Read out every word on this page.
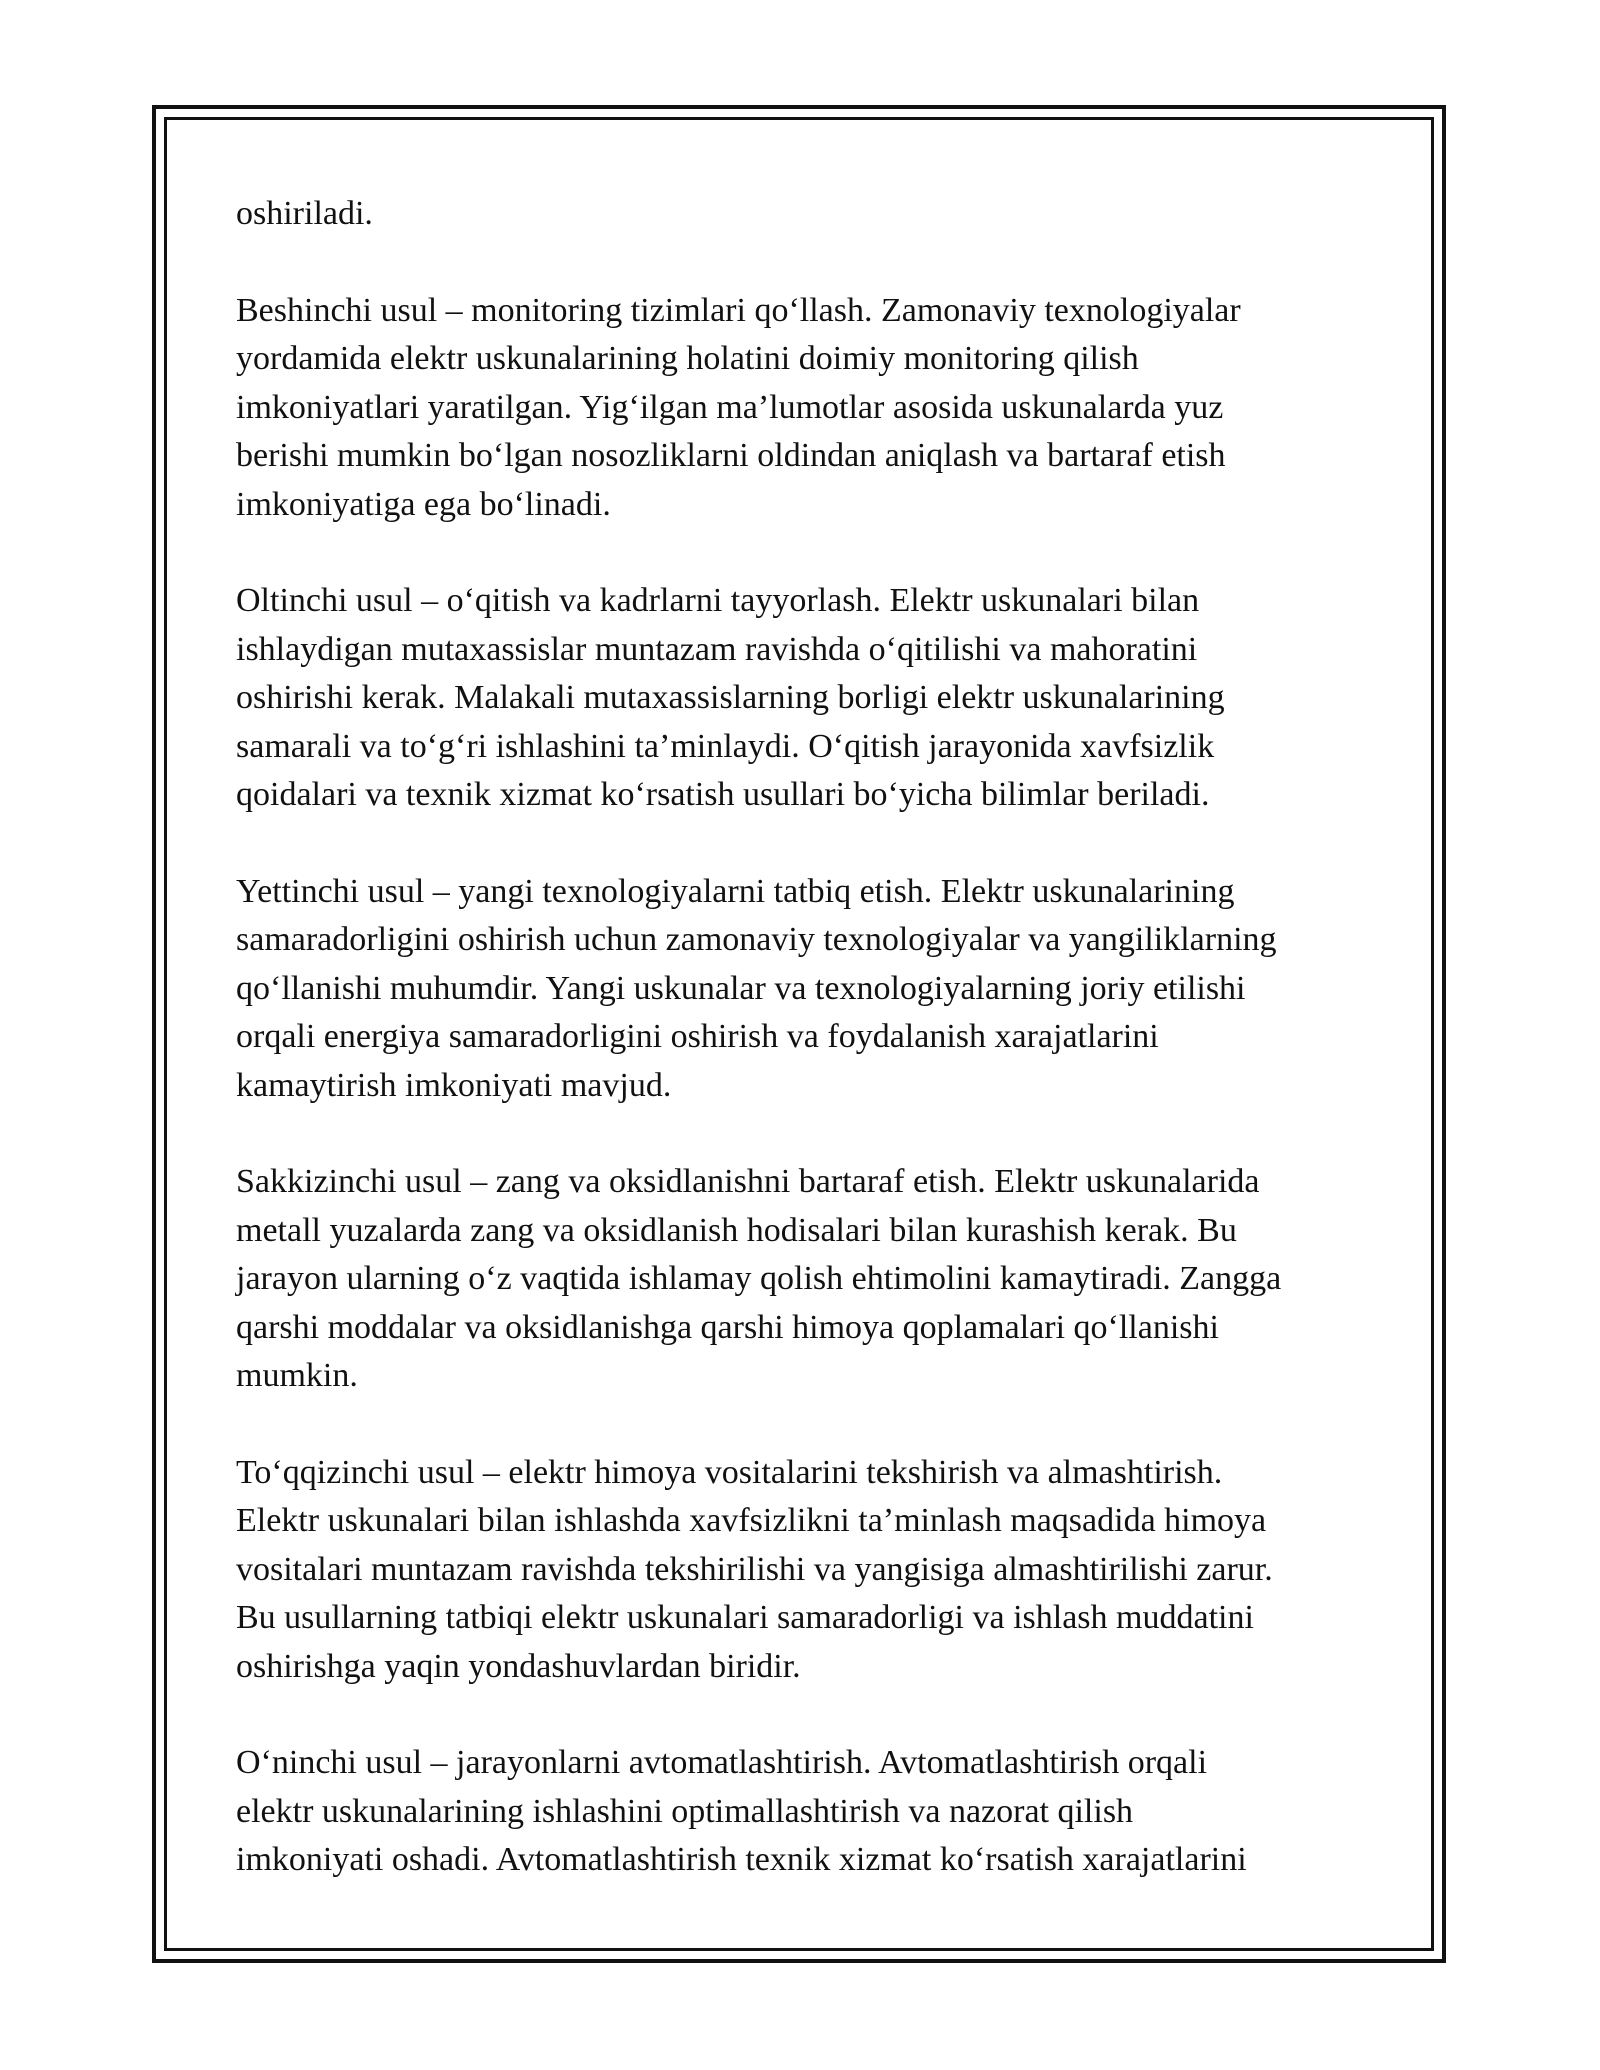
oshiriladi.

Beshinchi usul – monitoring tizimlari qo‘llash. Zamonaviy texnologiyalar
yordamida elektr uskunalarining holatini doimiy monitoring qilish
imkoniyatlari yaratilgan. Yig‘ilgan ma’lumotlar asosida uskunalarda yuz
berishi mumkin bo‘lgan nosozliklarni oldindan aniqlash va bartaraf etish
imkoniyatiga ega bo‘linadi.

Oltinchi usul – o‘qitish va kadrlarni tayyorlash. Elektr uskunalari bilan
ishlaydigan mutaxassislar muntazam ravishda o‘qitilishi va mahoratini
oshirishi kerak. Malakali mutaxassislarning borligi elektr uskunalarining
samarali va to‘g‘ri ishlashini ta’minlaydi. O‘qitish jarayonida xavfsizlik
qoidalari va texnik xizmat ko‘rsatish usullari bo‘yicha bilimlar beriladi.

Yettinchi usul – yangi texnologiyalarni tatbiq etish. Elektr uskunalarining
samaradorligini oshirish uchun zamonaviy texnologiyalar va yangiliklarning
qo‘llanishi muhumdir. Yangi uskunalar va texnologiyalarning joriy etilishi
orqali energiya samaradorligini oshirish va foydalanish xarajatlarini
kamaytirish imkoniyati mavjud.

Sakkizinchi usul – zang va oksidlanishni bartaraf etish. Elektr uskunalarida
metall yuzalarda zang va oksidlanish hodisalari bilan kurashish kerak. Bu
jarayon ularning o‘z vaqtida ishlamay qolish ehtimolini kamaytiradi. Zangga
qarshi moddalar va oksidlanishga qarshi himoya qoplamalari qo‘llanishi
mumkin.

To‘qqizinchi usul – elektr himoya vositalarini tekshirish va almashtirish.
Elektr uskunalari bilan ishlashda xavfsizlikni ta’minlash maqsadida himoya
vositalari muntazam ravishda tekshirilishi va yangisiga almashtirilishi zarur.
Bu usullarning tatbiqi elektr uskunalari samaradorligi va ishlash muddatini
oshirishga yaqin yondashuvlardan biridir.

O‘ninchi usul – jarayonlarni avtomatlashtirish. Avtomatlashtirish orqali
elektr uskunalarining ishlashini optimallashtirish va nazorat qilish
imkoniyati oshadi. Avtomatlashtirish texnik xizmat ko‘rsatish xarajatlarini
